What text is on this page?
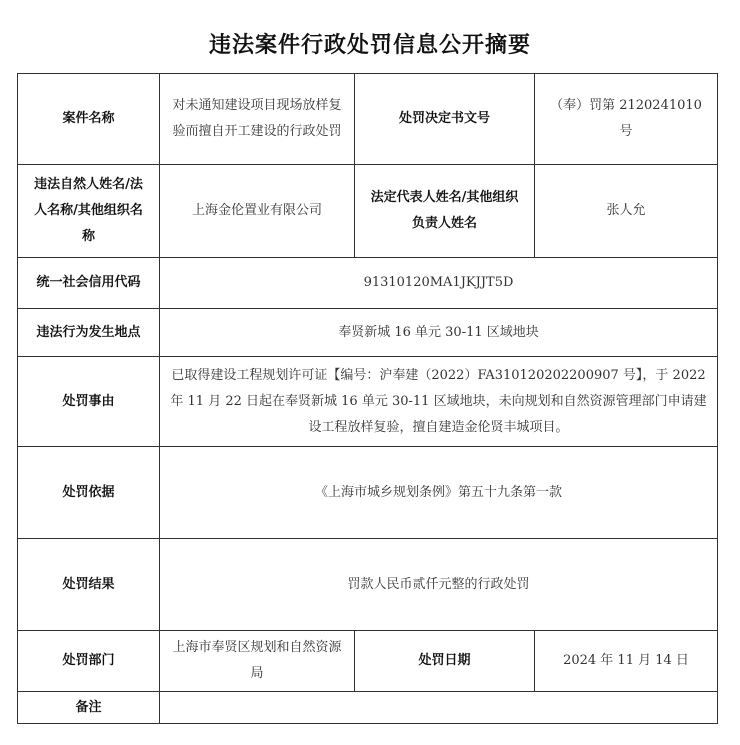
违法案件行政处罚信息公开摘要
案件名称	对未通知建设项目现场放样复验而擅自开工建设的行政处罚	处罚决定书文号	（奉）罚第 2120241010 号
违法自然人姓名/法人名称/其他组织名称	上海金伦置业有限公司	法定代表人姓名/其他组织负责人姓名	张人允
统一社会信用代码	91310120MA1JKJJT5D		
违法行为发生地点	奉贤新城 16 单元 30-11 区域地块		
处罚事由	已取得建设工程规划许可证【编号：沪奉建（2022）FA310120202200907 号】，于 2022 年 11 月 22 日起在奉贤新城 16 单元 30-11 区域地块，未向规划和自然资源管理部门申请建设工程放样复验，擅自建造金伦贤丰城项目。		
处罚依据	《上海市城乡规划条例》第五十九条第一款		
处罚结果	罚款人民币贰仟元整的行政处罚		
处罚部门	上海市奉贤区规划和自然资源局	处罚日期	2024 年 11 月 14 日
备注			
